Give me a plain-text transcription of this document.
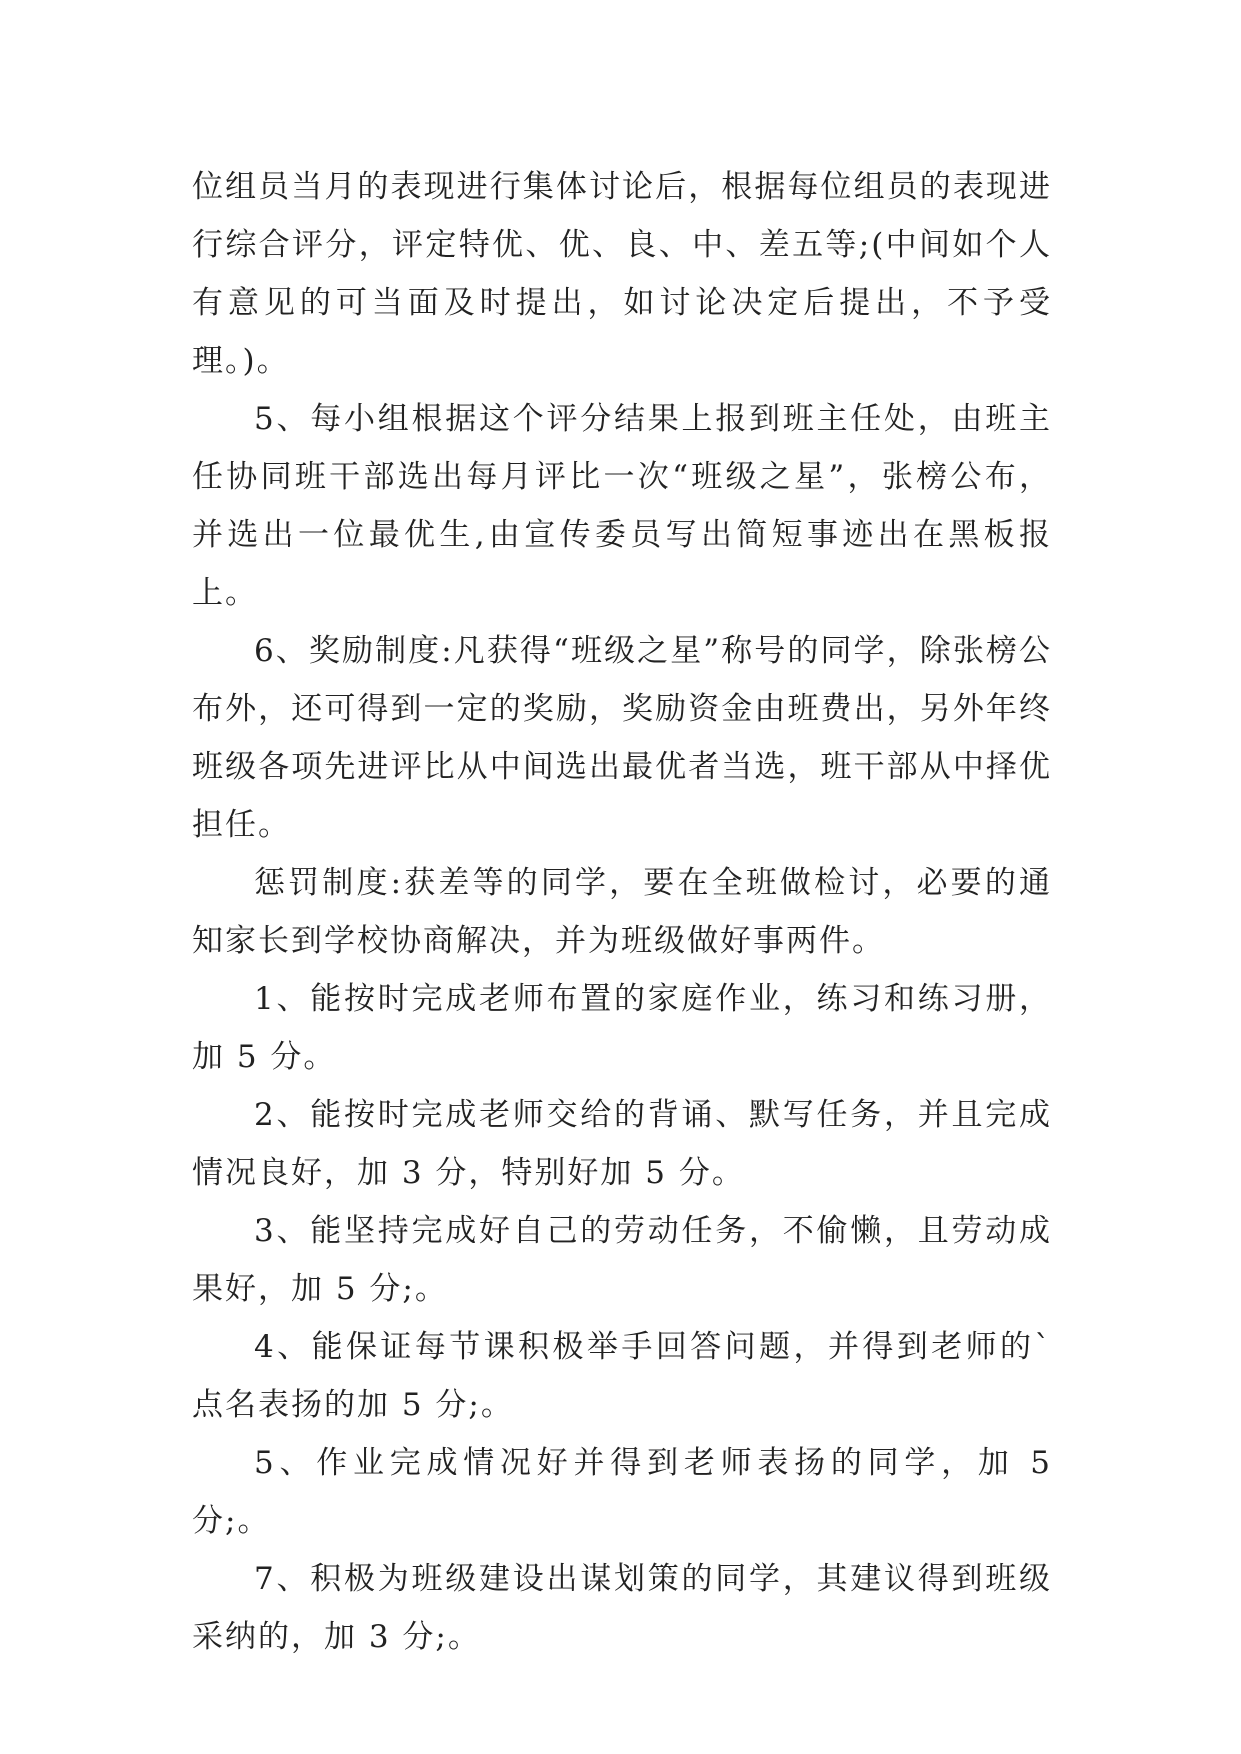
位组员当月的表现进行集体讨论后，根据每位组员的表现进行综合评分，评定特优、优、良、中、差五等;(中间如个人有意见的可当面及时提出，如讨论决定后提出，不予受理。)。

5、每小组根据这个评分结果上报到班主任处，由班主任协同班干部选出每月评比一次“班级之星”，张榜公布，并选出一位最优生,由宣传委员写出简短事迹出在黑板报上。

6、奖励制度:凡获得“班级之星”称号的同学，除张榜公布外，还可得到一定的奖励，奖励资金由班费出，另外年终班级各项先进评比从中间选出最优者当选，班干部从中择优担任。

惩罚制度:获差等的同学，要在全班做检讨，必要的通知家长到学校协商解决，并为班级做好事两件。

1、能按时完成老师布置的家庭作业，练习和练习册，加 5 分。

2、能按时完成老师交给的背诵、默写任务，并且完成情况良好，加 3 分，特别好加 5 分。

3、能坚持完成好自己的劳动任务，不偷懒，且劳动成果好，加 5 分;。

4、能保证每节课积极举手回答问题，并得到老师的`点名表扬的加 5 分;。

5、作业完成情况好并得到老师表扬的同学，加 5 分;。

7、积极为班级建设出谋划策的同学，其建议得到班级采纳的，加 3 分;。
